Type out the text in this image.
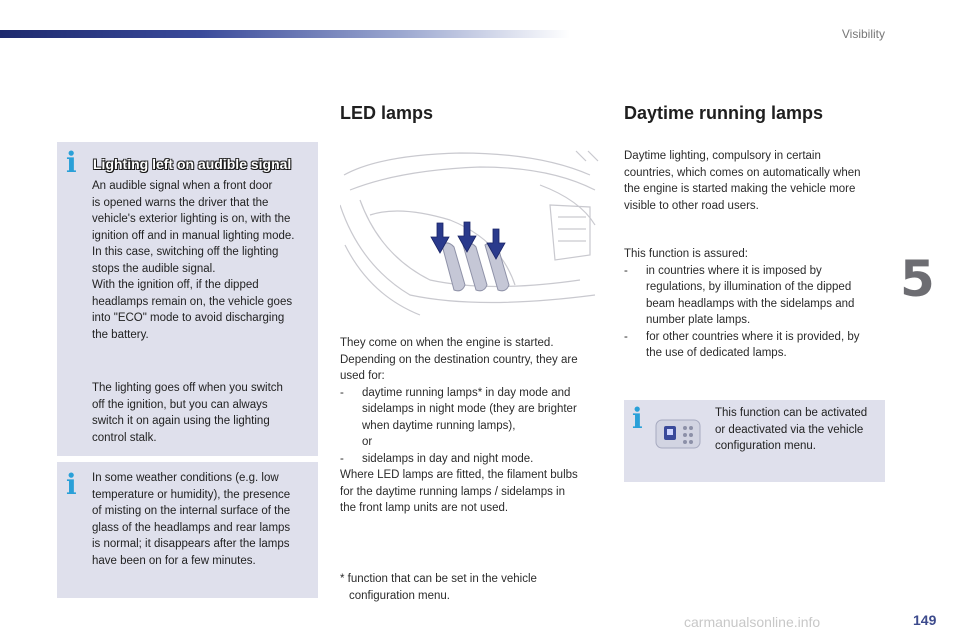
Visibility
5
carmanualsonline.info	149
i Lighting left on audible signal
An audible signal when a front door
is opened warns the driver that the
vehicle's exterior lighting is on, with the
ignition off and in manual lighting mode.
In this case, switching off the lighting
stops the audible signal.
With the ignition off, if the dipped
headlamps remain on, the vehicle goes
into "ECO" mode to avoid discharging
the battery.
The lighting goes off when you switch
off the ignition, but you can always
switch it on again using the lighting
control stalk.
i In some weather conditions (e.g. low
temperature or humidity), the presence
of misting on the internal surface of the
glass of the headlamps and rear lamps
is normal; it disappears after the lamps
have been on for a few minutes.
LED lamps

They come on when the engine is started.

Depending on the destination country, they are

used for:

- daytime running lamps* in day mode and

sidelamps in night mode (they are brighter

when daytime running lamps),

or

- sidelamps in day and night mode.

Where LED lamps are fitted, the filament bulbs

for the daytime running lamps / sidelamps in

the front lamp units are not used.

* function that can be set in the vehicle

configuration menu.

Daytime running lamps

Daytime lighting, compulsory in certain

countries, which comes on automatically when

the engine is started making the vehicle more

visible to other road users.

This function is assured:

- in countries where it is imposed by

regulations, by illumination of the dipped

beam headlamps with the sidelamps and

number plate lamps.

- for other countries where it is provided, by

the use of dedicated lamps.

i	This function can be activated
or deactivated via the vehicle
configuration menu.
